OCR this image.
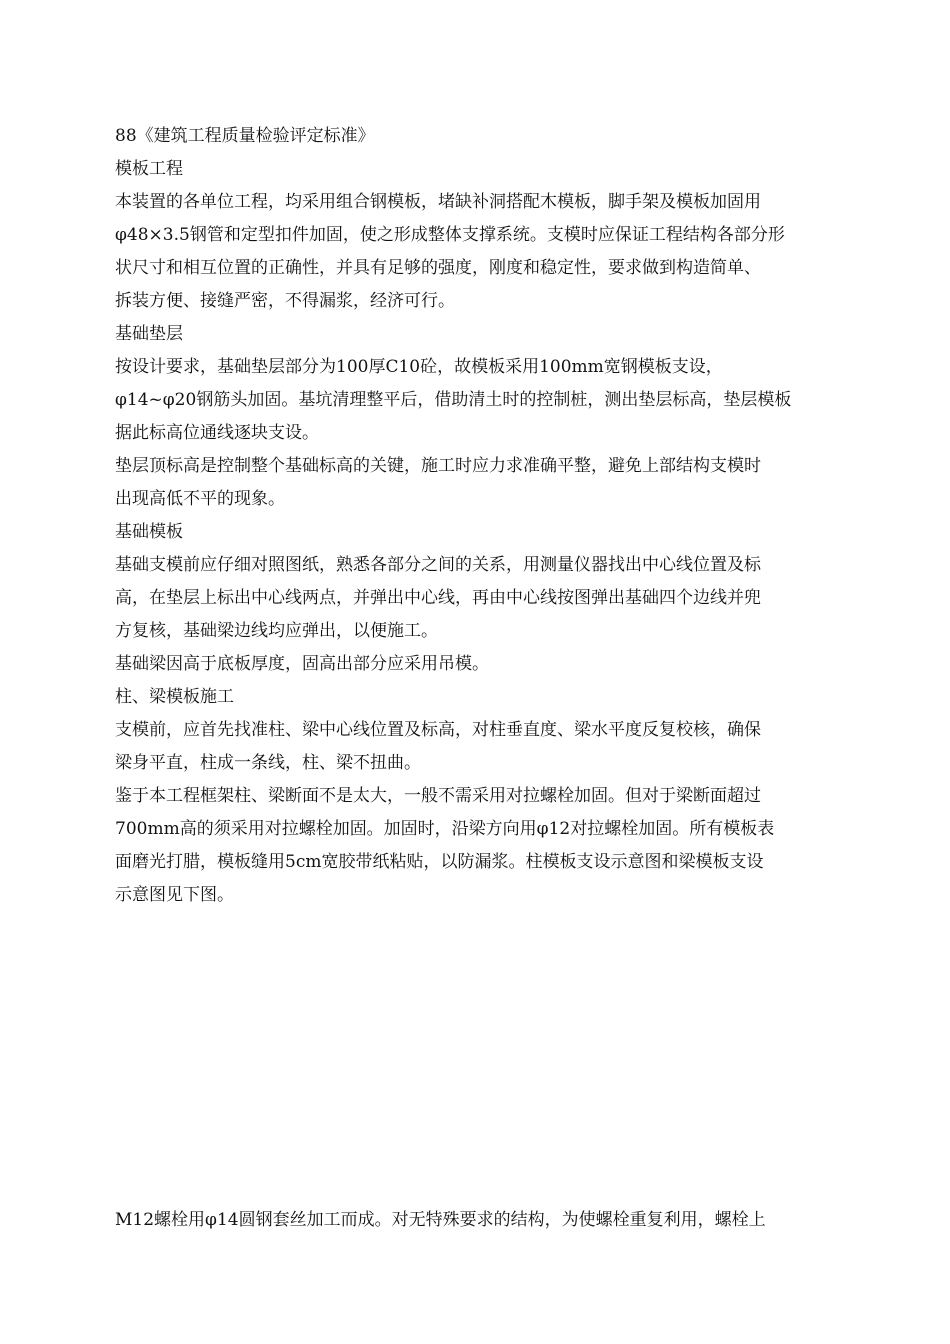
88《建筑工程质量检验评定标准》
模板工程
本装置的各单位工程，均采用组合钢模板，堵缺补洞搭配木模板，脚手架及模板加固用
φ48×3.5钢管和定型扣件加固，使之形成整体支撑系统。支模时应保证工程结构各部分形
状尺寸和相互位置的正确性，并具有足够的强度，刚度和稳定性，要求做到构造简单、
拆装方便、接缝严密，不得漏浆，经济可行。
基础垫层
按设计要求，基础垫层部分为100厚C10砼，故模板采用100mm宽钢模板支设，
φ14~φ20钢筋头加固。基坑清理整平后，借助清土时的控制桩，测出垫层标高，垫层模板
据此标高位通线逐块支设。
垫层顶标高是控制整个基础标高的关键，施工时应力求准确平整，避免上部结构支模时
出现高低不平的现象。
基础模板
基础支模前应仔细对照图纸，熟悉各部分之间的关系，用测量仪器找出中心线位置及标
高，在垫层上标出中心线两点，并弹出中心线，再由中心线按图弹出基础四个边线并兜
方复核，基础梁边线均应弹出，以便施工。
基础梁因高于底板厚度，固高出部分应采用吊模。
柱、梁模板施工
支模前，应首先找准柱、梁中心线位置及标高，对柱垂直度、梁水平度反复校核，确保
梁身平直，柱成一条线，柱、梁不扭曲。
鉴于本工程框架柱、梁断面不是太大，一般不需采用对拉螺栓加固。但对于梁断面超过
700mm高的须采用对拉螺栓加固。加固时，沿梁方向用φ12对拉螺栓加固。所有模板表
面磨光打腊，模板缝用5cm宽胶带纸粘贴，以防漏浆。柱模板支设示意图和梁模板支设
示意图见下图。
M12螺栓用φ14圆钢套丝加工而成。对无特殊要求的结构，为使螺栓重复利用，螺栓上
